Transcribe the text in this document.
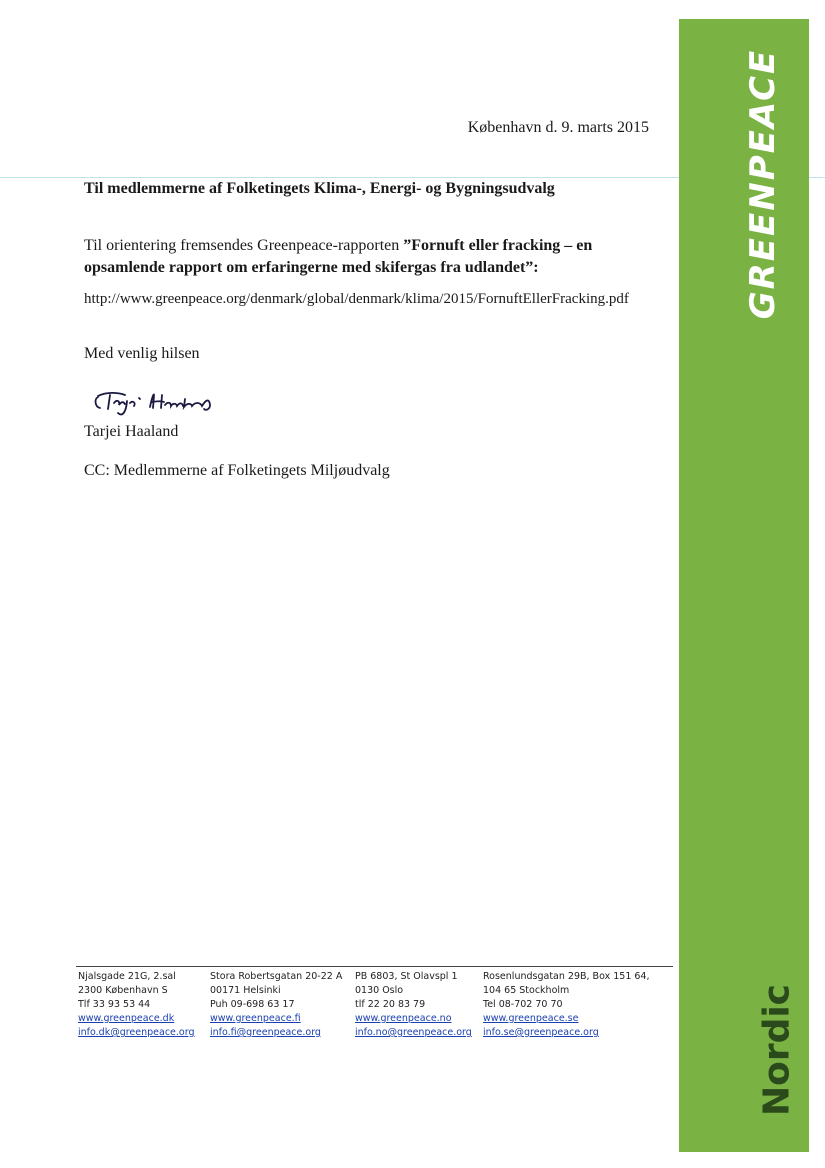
GREENPEACE
Nordic
København d. 9. marts 2015
Til medlemmerne af Folketingets Klima-, Energi- og Bygningsudvalg
Til orientering fremsendes Greenpeace-rapporten ”Fornuft eller fracking – en opsamlende rapport om erfaringerne med skifergas fra udlandet”:
http://www.greenpeace.org/denmark/global/denmark/klima/2015/FornuftEllerFracking.pdf
Med venlig hilsen
Tarjei Haaland
CC: Medlemmerne af Folketingets Miljøudvalg
Njalsgade 21G, 2.sal
2300 København S
Tlf 33 93 53 44
www.greenpeace.dk
info.dk@greenpeace.org
Stora Robertsgatan 20-22 A
00171 Helsinki
Puh 09-698 63 17
www.greenpeace.fi
info.fi@greenpeace.org
PB 6803, St Olavspl 1
0130 Oslo
tlf 22 20 83 79
www.greenpeace.no
info.no@greenpeace.org
Rosenlundsgatan 29B, Box 151 64,
104 65 Stockholm
Tel 08-702 70 70
www.greenpeace.se
info.se@greenpeace.org
